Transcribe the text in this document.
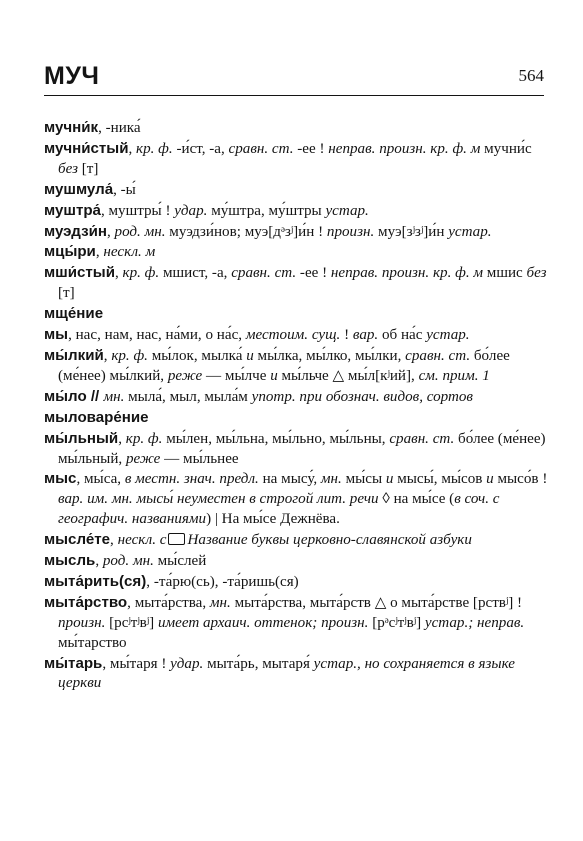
МУЧ	564
мучни́к, -ника́
мучни́стый, кр. ф. -и́ст, -а, сравн. ст. -ее ! неправ. произн. кр. ф. м мучни́с без [т]
мушмула́, -ы́
муштра́, муштры́ ! удар. му́штра, му́штры устар.
муэдзи́н, род. мн. муэдзи́нов; муэ[дᵊзʲ]и́н ! произн. муэ[зʲзʲ]и́н устар.
мцы́ри, нескл. м
мши́стый, кр. ф. мшист, -а, сравн. ст. -ее ! неправ. произн. кр. ф. м мшис без [т]
мще́ние
мы, нас, нам, нас, на́ми, о на́с, местоим. сущ. ! вар. об на́с устар.
мы́лкий, кр. ф. мы́лок, мылка́ и мы́лка, мы́лко, мы́лки, сравн. ст. бо́лее (ме́нее) мы́лкий, реже — мы́лче и мы́льче △ мы́л[кʲий], см. прим. 1
мы́ло // мн. мыла́, мыл, мыла́м употр. при обознач. видов, сортов
мыловаре́ние
мы́льный, кр. ф. мы́лен, мы́льна, мы́льно, мы́льны, сравн. ст. бо́лее (ме́нее) мы́льный, реже — мы́льнее
мыс, мы́са, в местн. знач. предл. на мысу́, мн. мы́сы и мысы́, мы́сов и мысо́в ! вар. им. мн. мысы́ неуместен в строгой лит. речи ◊ на мы́се (в соч. с географич. названиями) | На мы́се Дежнёва.
мысле́те, нескл. с Название буквы церковно-славянской азбуки
мысль, род. мн. мы́слей
мыта́рить(ся), -та́рю(сь), -та́ришь(ся)
мыта́рство, мыта́рства, мн. мыта́рства, мыта́рств △ о мыта́рстве [рствʲ] ! произн. [рсʲтʲвʲ] имеет архаич. оттенок; произн. [рᵊсʲтʲвʲ] устар.; неправ. мы́тарство
мы́тарь, мы́таря ! удар. мыта́рь, мытаря́ устар., но сохраняется в языке церкви
